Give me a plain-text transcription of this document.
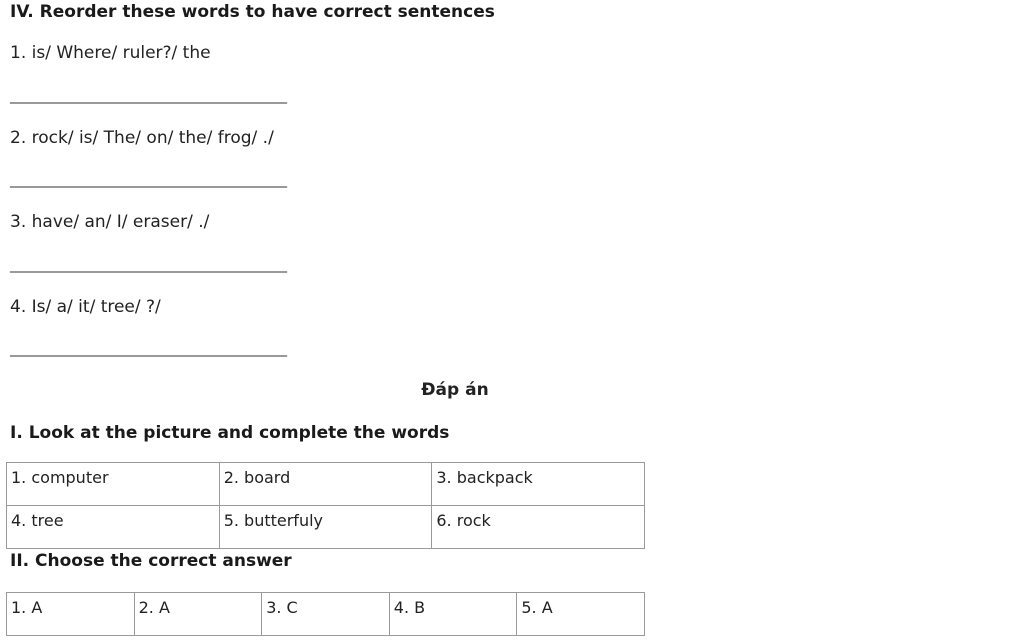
IV. Reorder these words to have correct sentences
1. is/ Where/ ruler?/ the
______________________________________________
2. rock/ is/ The/ on/ the/ frog/ ./
______________________________________________
3. have/ an/ I/ eraser/ ./
______________________________________________
4. Is/ a/ it/ tree/ ?/
______________________________________________
Đáp án
I. Look at the picture and complete the words
1. computer	2. board	3. backpack
4. tree	5. butterfuly	6. rock
II. Choose the correct answer
1. A	2. A	3. C	4. B	5. A
